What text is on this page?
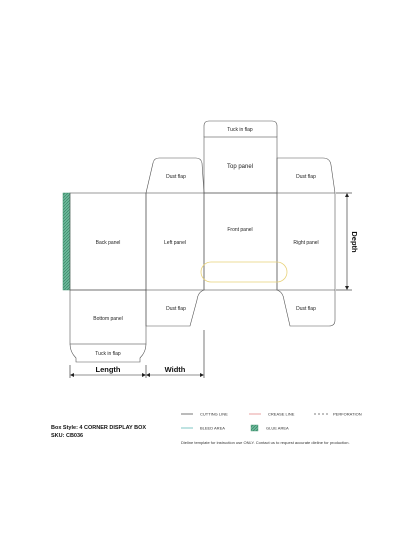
Tuck in flap
Top panel
Dust flap	Dust flap
Back panel	Left panel
Front panel
Right panel
Bottom panel
Tuck in flap
Dust flap	Dust flap
Length	Width
Depth
Box Style: 4 CORNER DISPLAY BOX
SKU: CB036
CUTTING LINE	CREASE LINE	PERFORATION
BLEED AREA	GLUE AREA
Dieline template for instruction use ONLY. Contact us to request accurate dieline for production.
